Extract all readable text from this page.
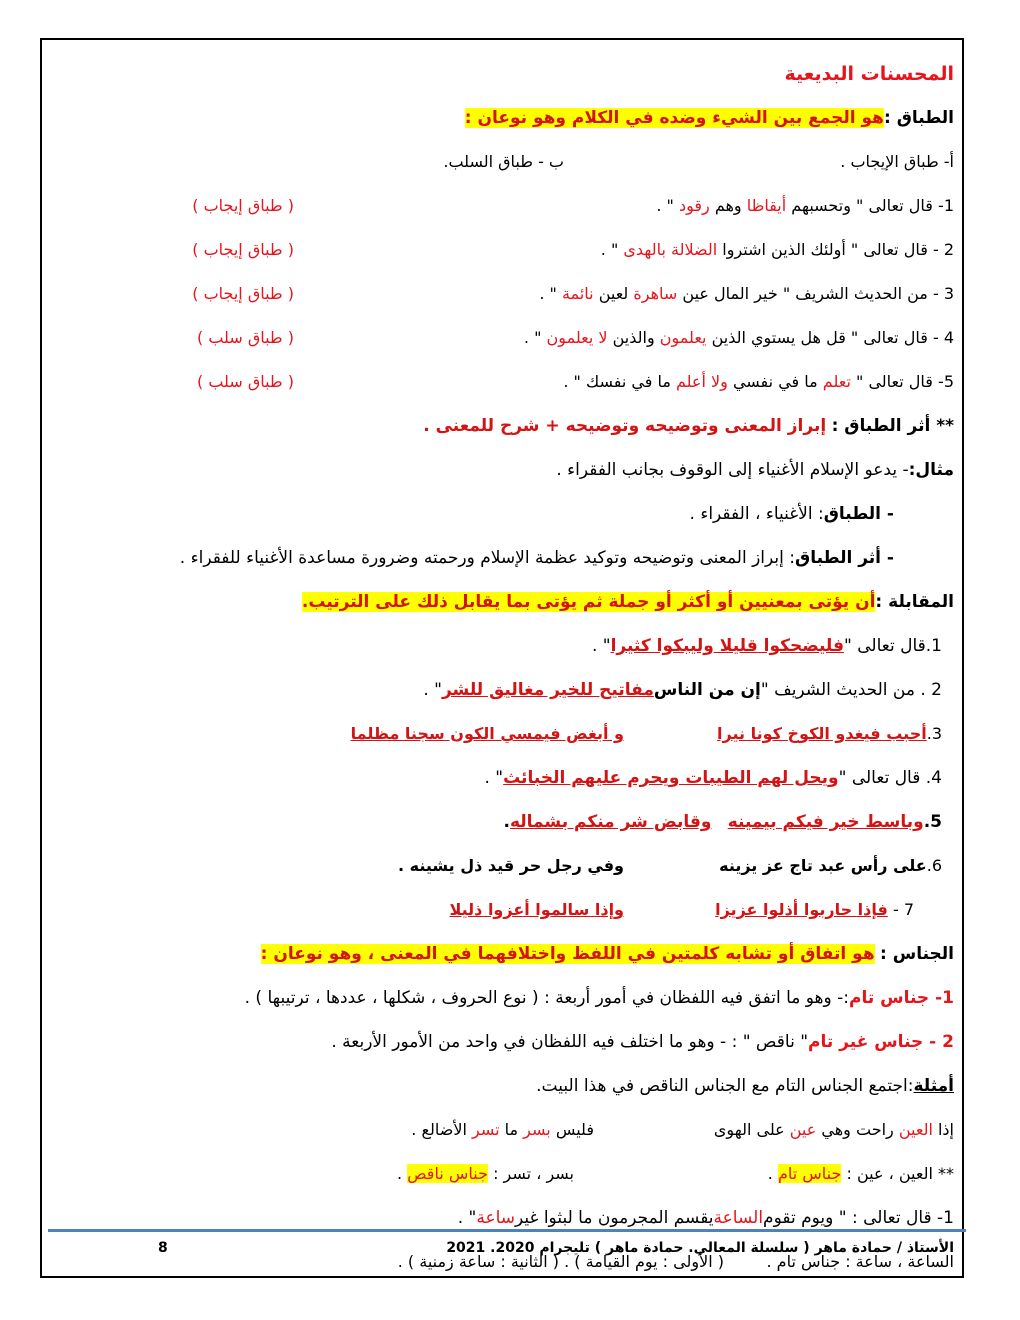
المحسنات البديعية
الطباق :
هو الجمع بين الشيء وضده في الكلام وهو نوعان :
أ- طباق الإيجاب .
ب - طباق السلب.
1- قال تعالى " وتحسبهم أيقاظا وهم رقود " .
( طباق إيجاب )
2 - قال تعالى " أولئك الذين اشتروا الضلالة بالهدى " .
( طباق إيجاب )
3 - من الحديث الشريف " خير المال عين ساهرة لعين نائمة " .
( طباق إيجاب )
4 - قال تعالى " قل هل يستوي الذين يعلمون والذين لا يعلمون " .
( طباق سلب )
5- قال تعالى " تعلم ما في نفسي ولا أعلم ما في نفسك " .
( طباق سلب )
** أثر الطباق :

إبراز المعنى وتوضيحه وتوضيحه + شرح للمعنى .
مثال:
- يدعو الإسلام الأغنياء إلى الوقوف بجانب الفقراء .
- الطباق
: الأغنياء ، الفقراء .
- أثر الطباق
: إبراز المعنى وتوضيحه وتوكيد عظمة الإسلام ورحمته وضرورة مساعدة الأغنياء للفقراء .
المقابلة :
أن يؤتى بمعنيين أو أكثر أو جملة ثم يؤتى بما يقابل ذلك على الترتيب.
1.قال تعالى "
فليضحكوا قليلا وليبكوا كثيرا
" .
2 . من الحديث الشريف "
إن من الناس
مفاتيح للخير مغاليق للشر
" .
3.أحبب فيغدو الكوخ كونا نيرا
و أبغض فيمسي الكون سجنا مظلما
4. قال تعالى "
ويحل لهم الطيبات ويحرم عليهم الخبائث
" .
5.
وباسط خير فيكم بيمينه

وقابض شر منكم بشماله
.
6.على رأس عبد تاج عز يزينه
وفي رجل حر قيد ذل يشينه .
7 - فإذا حاربوا أذلوا عزيزا
وإذا سالموا أعزوا ذليلا
الجناس :

هو اتفاق أو تشابه كلمتين في اللفظ واختلافهما في المعنى ، وهو نوعان :
1- جناس تام
:- وهو ما اتفق فيه اللفظان في أمور أربعة : ( نوع الحروف ، شكلها ، عددها ، ترتيبها ) .
2 - جناس غير تام
" ناقص " : - وهو ما اختلف فيه اللفظان في واحد من الأمور الأربعة .
أمثلة
:اجتمع الجناس التام مع الجناس الناقص في هذا البيت.
إذا العين راحت وهي عين على الهوى
فليس بسر ما تسر الأضالع .
** العين ، عين : جناس تام .
بسر ، تسر : جناس ناقص .
1- قال تعالى : " ويوم تقوم
الساعة
يقسم المجرمون ما لبثوا غير
ساعة
" .
الساعة ، ساعة : جناس تام .
( الأولى : يوم القيامة ) . ( الثانية : ساعة زمنية ) .
الأستاذ / حمادة ماهر ( سلسلة المعالي. حمادة ماهر ) تليجرام 2020. 2021
8
